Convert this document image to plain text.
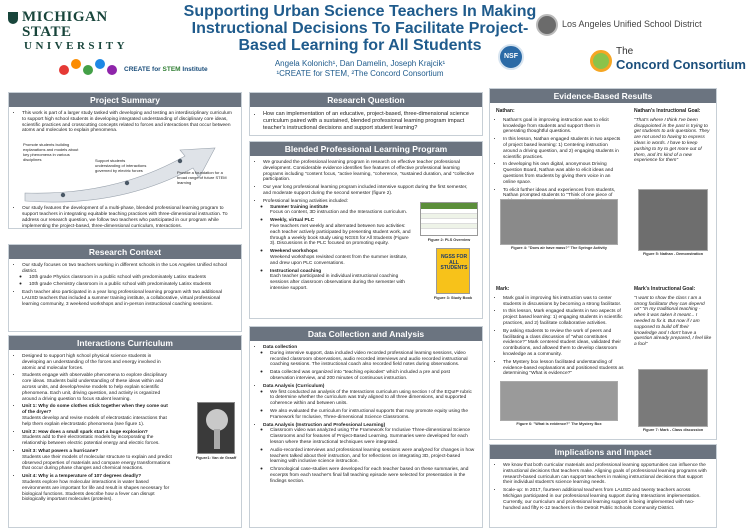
MICHIGAN STATE
UNIVERSITY
CREATE for STEM Institute
Supporting Urban Science Teachers In Making Instructional Decisions To Facilitate Project-Based Learning for All Students
Angela Kolonich¹, Dan Damelin, Joseph Krajcik¹
¹CREATE for STEM, ²The Concord Consortium
Los Angeles Unified School District
NSF	The
Concord Consortium
Project Summary
• This work is part of a larger study tasked with developing and testing an interdisciplinary curriculum to support high school students in developing integrated understanding of disciplinary core ideas, scientific practices and crosscutting concepts related to forces and interactions that occur between atoms and molecules to explain phenomena.
Promote students building explanations and models about key phenomena in various disciplines	Support students understanding of interactions governed by electric forces	Provide a foundation for a broad range of future STEM learning
• Our study features the development of a multi-phase, blended professional learning program to support teachers in integrating equitable teaching practices with three-dimensional instruction. To address our research question, we follow two teachers who participated in our program while implementing the project-based, three-dimensional curriculum, Interactions.
Research Context
• Our study focuses on two teachers working in different schools in the Los Angeles Unified school district.
◦ 10th grade Physics classroom in a public school with predominately Latinx students
◦ 10th grade Chemistry classroom in a public school with predominately Latinx students
• Each teacher also participated in a year long professional learning program with two additional LAUSD teachers that included a summer training institute, a collaborative, virtual professional learning community, 3 weekend workshops and in-person instructional coaching sessions.
Interactions Curriculum
• Designed to support high school physical science students in developing an understanding of the forces and energy involved in atomic and molecular forces.
• Students engage with observable phenomena to explore disciplinary core ideas. Students build understanding of these ideas within and across units, and develop/revise models to help explain scientific phenomena. Each unit, driving question, and activity is organized around a driving question to focus student learning.
• Unit 1: Why do some clothes stick together when they come out of the dryer?
Students develop and revise models of electrostatic interactions that help them explain electrostatic phenomena (see figure 1).
• Unit 2: How does a small spark start a huge explosion?
Students add to their electrostatic models by incorporating the relationship between electric potential energy and electric forces.
• Unit 3: What powers a hurricane?
Students use their models of molecular structure to explain and predict observed properties of materials and compare energy transformations that occur during phase changes and chemical reactions.
• Unit 4: Why is a temperature of 107 degrees deadly?
Students explore how molecular interactions in water based environments are important for life and result in shapes necessary for biological functions. Students describe how a fever can disrupt biologically important molecules (proteins).
Figure1: Van de Graaff
Research Question
• How can implementation of an educative, project-based, three-dimensional science curriculum paired with a sustained, blended professional learning program impact teacher's instructional decisions and support student learning?
Blended Professional Learning Program
• We grounded the professional learning program in research on effective teacher professional development. Considerable evidence identifies five features of effective professional learning programs including "content focus, "active learning, "coherence, "sustained duration, and "collective participation.
• Our year long professional learning program included intensive support during the first semester, and moderate support during the second semester (figure 2).
• Professional learning activities included:
◦ Summer training institute
Focus on content, 3D instruction and the Interactions curriculum.
◦ Weekly, virtual PLC
Five teachers met weekly and alternated between two activities: each teacher actively participated by presenting student work, and through a weekly book study using NGSS for All Students (Figure 3). Discussions in the PLC focused on promoting equity.
◦ Weekend workshops
Weekend workshops revisited content from the summer institute, and drew upon PLC conversations.
◦ Instructional coaching
Each teacher participated in individual instructional coaching sessions after classroom observations during the semester with intensive support.
Figure 2: PLS Overview
NGSS FOR ALL STUDENTS
Figure 3: Study Book
Data Collection and Analysis
• Data collection
◦ During intensive support, data included video recorded professional learning sessions, video recorded classroom observations, audio recorded interviews and audio recorded instructional coaching sessions. The instructional coach also recorded field notes during observations.
◦ Data collected was organized into "teaching episodes" which included a pre and post observation interview, and 200 minutes of continuous instruction.
• Data Analysis (Curriculum)
◦ We first conducted an analysis of the Interactions curriculum using section I of the EQuIP rubric to determine whether the curriculum was truly aligned to all three dimensions, and supported coherence within and between units.
◦ We also evaluated the curriculum for instructional supports that may promote equity using the Framework for Inclusive, Three-dimensional Science Classrooms.
• Data Analysis (Instruction and Professional Learning)
◦ Classroom video was analyzed using The Framework for Inclusive Three-dimensional Science Classrooms and for features of Project-Based Learning. Summaries were developed for each lesson where these instructional techniques were integrated.
◦ Audio-recorded interviews and professional learning sessions were analyzed for changes in how teachers talked about their instruction, and for reflections on integrating 3D, project-based learning with inclusive science instruction.
◦ Chronological case-studies were developed for each teacher based on these summaries, and excerpts from each teacher's final fall teaching episode were selected for presentation in the findings section.
Evidence-Based Results
Nathan:
• Nathan's goal in improving instruction was to elicit knowledge from students and support them in generating thoughtful questions.
• In this lesson, Nathan engaged students in two aspects of project based learning: 1) Centering instruction around a driving question, and 2) engaging students in scientific practices.
• In developing his own digital, anonymous Driving Question Board, Nathan was able to elicit ideas and questions from students by giving them voice in an online space.
• To elicit further ideas and experiences from students, Nathan prompted students to "Think of one piece of
Nathan's Instructional Goal:

"That's where I think I've been disappointed in the past is trying to get students to ask questions. They are not used to having to express ideas in words. I have to keep pushing to try to get more out of them, and it's kind of a new experience for them"

Figure 4: "Does air have mass?" The Syringe Activity
Figure 5: Nathan - Demonstration
Mark:
• Mark goal in improving his instruction was to center students in discussions by becoming a strong facilitator.
• In this lesson, Mark engaged students in two aspects of project based learning: 1) engaging students in scientific practices, and 2) facilitate collaborative activities.
• By asking students to review the work of peers and facilitating a class discussion of "what constitutes evidence?" Mark centered student ideas, validated their contributions, and allowed them to develop classroom knowledge as a community.
• The Mystery box lesson facilitated understanding of evidence-based explanations and positioned students as determining "What is evidence?"
Mark's Instructional Goal:

"I want to show the class I am a strong facilitator they can depend on" "In my traditional teaching - when it was taken it meant... I needed to fix it. But now if I am supposed to build off their knowledge and I don't have a question already prepared, I feel like a fool"

Figure 6: "What is evidence?" The Mystery Box
Figure 7: Mark - Class discussion
Implications and Impact
• We know that both curricular materials and professional learning opportunities can influence the instructional decisions that teachers make. Aligning goals of professional learning programs with research-based curriculum can support teachers in making instructional decisions that support their individual student's science learning needs.
• Scale-up: In 2017, fourteen additional teachers from LAUSD and twenty teachers across Michigan participated in our professional learning support during Interactions implementation. Currently, our curriculum and professional learning support is being implemented with two-hundred and fifty K-12 teachers in the Detroit Public Schools Community District.
